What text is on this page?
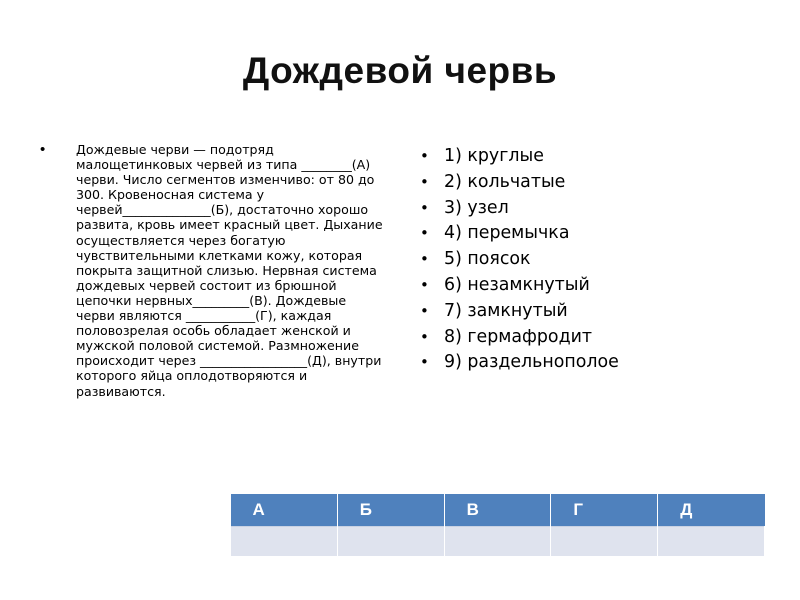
Дождевой червь
• Дождевые черви — подотряд малощетинковых червей из типа ________(А) черви. Число сегментов изменчиво: от 80 до 300. Кровеносная система у червей______________(Б), достаточно хорошо развита, кровь имеет красный цвет. Дыхание осуществляется через богатую чувствительными клетками кожу, которая покрыта защитной слизью. Нервная система дождевых червей состоит из брюшной цепочки нервных_________(В). Дождевые черви являются ___________(Г), каждая половозрелая особь обладает женской и мужской половой системой. Размножение происходит через _________________(Д), внутри которого яйца оплодотворяются и развиваются.
• 1) круглые
• 2) кольчатые
• 3) узел
• 4) перемычка
• 5) поясок
• 6) незамкнутый
• 7) замкнутый
• 8) гермафродит
• 9) раздельнополое
А	Б	В	Г	Д
